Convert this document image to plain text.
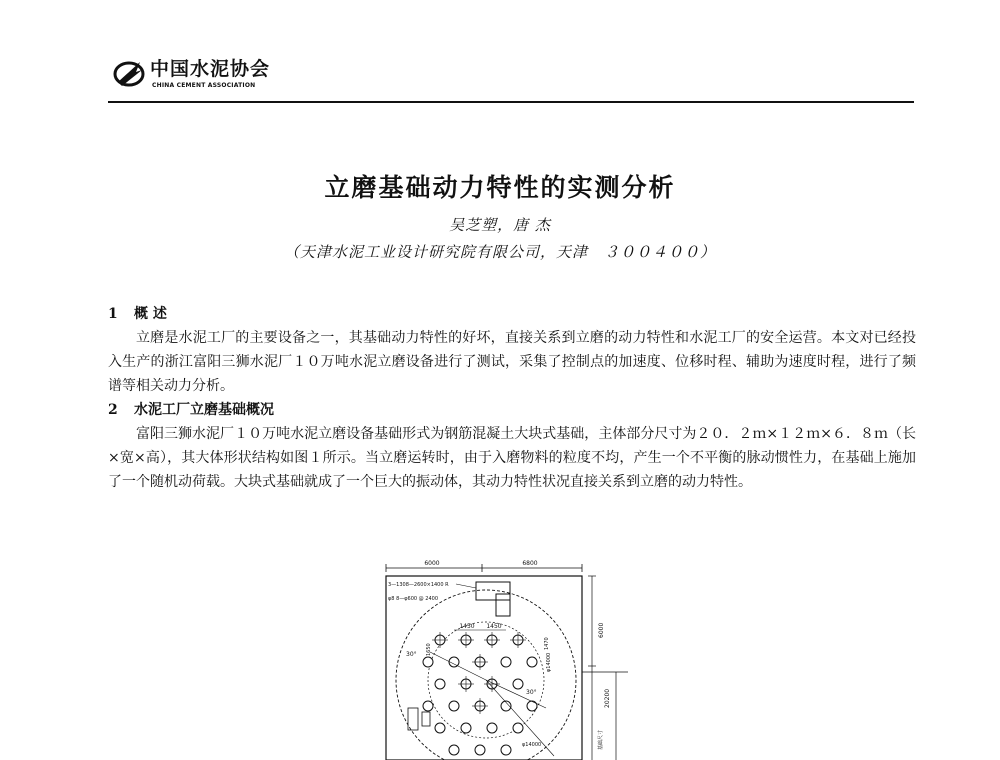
中国水泥协会
CHINA CEMENT ASSOCIATION
立磨基础动力特性的实测分析
吴芝塑，唐 杰
（天津水泥工业设计研究院有限公司，天津　３００４００）
1 概 述
立磨是水泥工厂的主要设备之一，其基础动力特性的好坏，直接关系到立磨的动力特性和水泥工厂的安全运营。本文对已经投入生产的浙江富阳三狮水泥厂１０万吨水泥立磨设备进行了测试，采集了控制点的加速度、位移时程、辅助为速度时程，进行了频谱等相关动力分析。
2 水泥工厂立磨基础概况
富阳三狮水泥厂１０万吨水泥立磨设备基础形式为钢筋混凝土大块式基础，主体部分尺寸为２０．２ｍ×１２ｍ×６．８ｍ（长×宽×高），其大体形状结构如图１所示。当立磨运转时，由于入磨物料的粒度不均，产生一个不平衡的脉动惯性力，在基础上施加了一个随机动荷载。大块式基础就成了一个巨大的振动体，其动力特性状况直接关系到立磨的动力特性。
6000	6800
3—1308—2600×1400 R
φ8 8—φ600 @ 2400
1450 1450
1650	1470
30°
30°
φ14000
6000
20200
φ14000	基础尺寸
